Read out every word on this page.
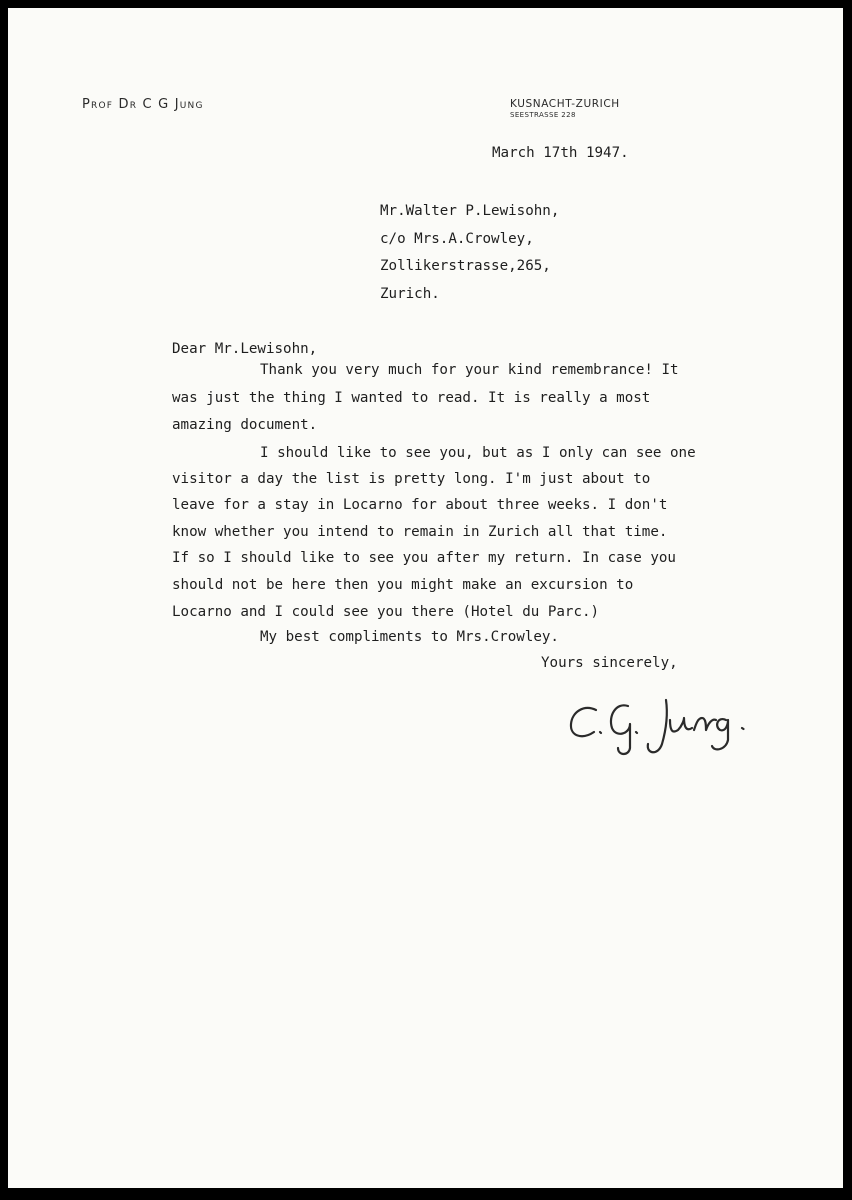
Prof Dr C G Jung	KUSNACHT-ZURICH
SEESTRASSE 228
March 17th 1947.
Mr.Walter P.Lewisohn,
c/o Mrs.A.Crowley,
Zollikerstrasse,265,
Zurich.
Dear Mr.Lewisohn,
Thank you very much for your kind remembrance! It
was just the thing I wanted to read. It is really a most
amazing document.
I should like to see you, but as I only can see one
visitor a day the list is pretty long. I'm just about to
leave for a stay in Locarno for about three weeks. I don't
know whether you intend to remain in Zurich all that time.
If so I should like to see you after my return. In case you
should not be here then you might make an excursion to
Locarno and I could see you there (Hotel du Parc.)
My best compliments to Mrs.Crowley.
Yours sincerely,
